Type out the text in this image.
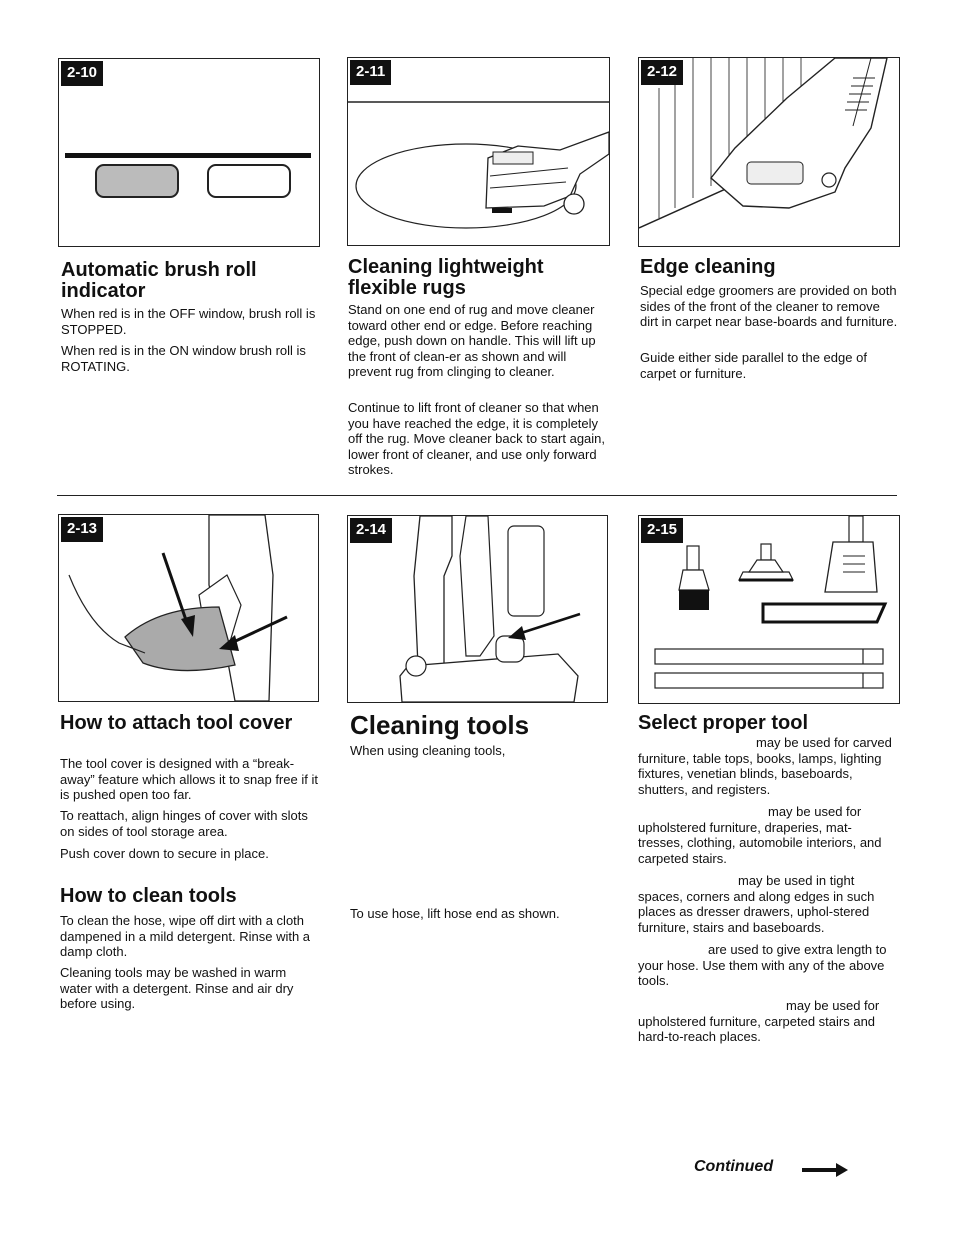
2-10	2-11	2-12
Automatic brush roll indicator

When red is in the OFF window, brush roll is STOPPED.

When red is in the ON window brush roll is ROTATING.

Cleaning lightweight flexible rugs

Stand on one end of rug and move cleaner toward other end or edge. Before reaching edge, push down on handle. This will lift up the front of clean-er as shown and will prevent rug from clinging to cleaner.

Continue to lift front of cleaner so that when you have reached the edge, it is completely off the rug. Move cleaner back to start again, lower front of cleaner, and use only forward strokes.

Edge cleaning

Special edge groomers are provided on both sides of the front of the cleaner to remove dirt in carpet near base-boards and furniture.

Guide either side parallel to the edge of carpet or furniture.

2-13	2-14	2-15
How to attach tool cover

The tool cover is designed with a “break-away” feature which allows it to snap free if it is pushed open too far.

To reattach, align hinges of cover with slots on sides of tool storage area.

Push cover down to secure in place.

How to clean tools

To clean the hose, wipe off dirt with a cloth dampened in a mild detergent. Rinse with a damp cloth.

Cleaning tools may be washed in warm water with a detergent. Rinse and air dry before using.

Cleaning tools

When using cleaning tools,

To use hose, lift hose end as shown.

Select proper tool

may be used for carved furniture, table tops, books, lamps, lighting fixtures, venetian blinds, baseboards, shutters, and registers.

may be used for upholstered furniture, draperies, mat-tresses, clothing, automobile interiors, and carpeted stairs.

may be used in tight spaces, corners and along edges in such places as dresser drawers, uphol-stered furniture, stairs and baseboards.

are used to give extra length to your hose. Use them with any of the above tools.

may be used for upholstered furniture, carpeted stairs and hard-to-reach places.

Continued
